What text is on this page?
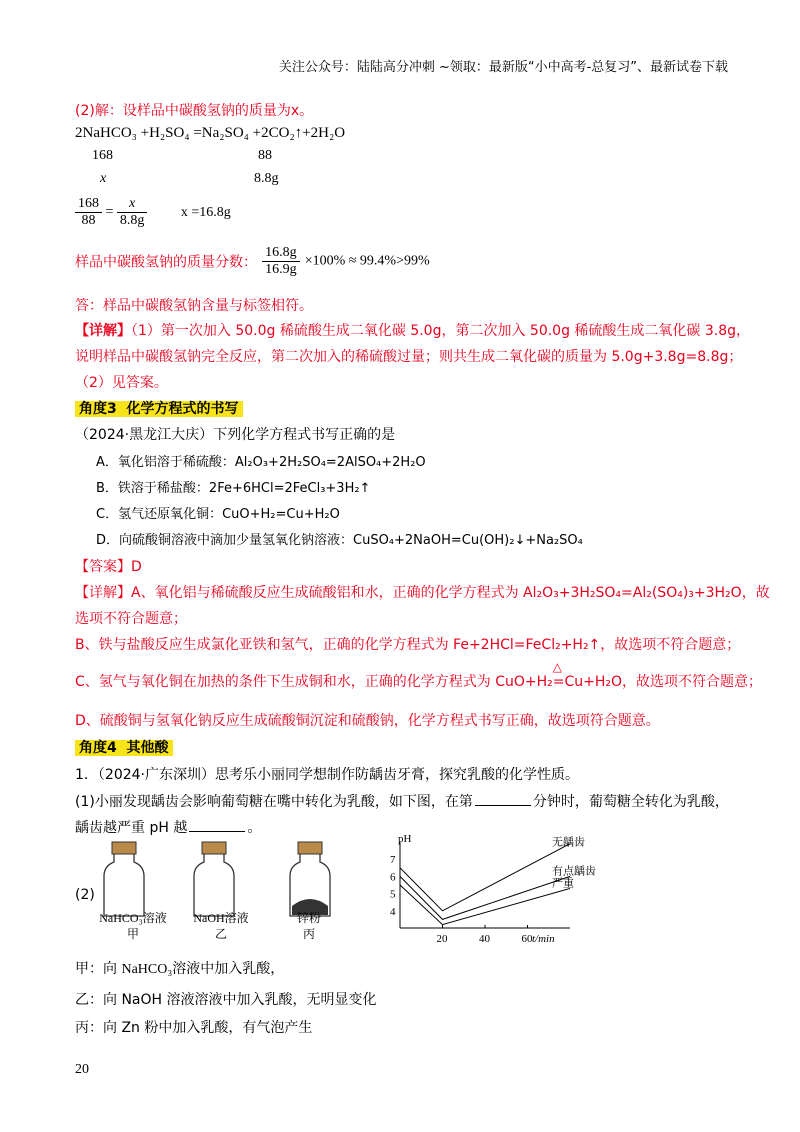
关注公众号：陆陆高分冲刺 ~领取：最新版“小中高考-总复习”、最新试卷下载
(2)解：设样品中碳酸氢钠的质量为x。
2NaHCO₃ +H₂SO₄ =Na₂SO₄ +2CO₂↑+2H₂O
168	88
x	8.8g
$\frac{168}{88} = \frac{x}{8.8g}$ x =16.8g
样品中碳酸氢钠的质量分数： $\frac{16.8g}{16.9g} \times 100\% \approx 99.4\%>99\%$
答：样品中碳酸氢钠含量与标签相符。
【详解】（1）第一次加入 50.0g 稀硫酸生成二氧化碳 5.0g，第二次加入 50.0g 稀硫酸生成二氧化碳 3.8g，
说明样品中碳酸氢钠完全反应，第二次加入的稀硫酸过量；则共生成二氧化碳的质量为 5.0g+3.8g=8.8g；
（2）见答案。
角度3 化学方程式的书写
（2024·黑龙江大庆）下列化学方程式书写正确的是
A．氧化铝溶于稀硫酸：Al₂O₃+2H₂SO₄=2AlSO₄+2H₂O
B．铁溶于稀盐酸：2Fe+6HCl=2FeCl₃+3H₂↑
C．氢气还原氧化铜：CuO+H₂=Cu+H₂O
D．向硫酸铜溶液中滴加少量氢氧化钠溶液：CuSO₄+2NaOH=Cu(OH)₂↓+Na₂SO₄
【答案】D
【详解】A、氧化铝与稀硫酸反应生成硫酸铝和水，正确的化学方程式为 Al₂O₃+3H₂SO₄=Al₂(SO₄)₃+3H₂O，故
选项不符合题意；
B、铁与盐酸反应生成氯化亚铁和氢气，正确的化学方程式为 Fe+2HCl=FeCl₂+H₂↑，故选项不符合题意；
C、氢气与氧化铜在加热的条件下生成铜和水，正确的化学方程式为 CuO+H₂
△
=Cu+H₂O，故选项不符合题意；
D、硫酸铜与氢氧化钠反应生成硫酸铜沉淀和硫酸钠，化学方程式书写正确，故选项符合题意。
角度4 其他酸
1．（2024·广东深圳）思考乐小丽同学想制作防龋齿牙膏，探究乳酸的化学性质。
(1)小丽发现龋齿会影响葡萄糖在嘴中转化为乳酸，如下图，在第	分钟时，葡萄糖全转化为乳酸，
龋齿越严重 pH 越	。
(2)
NaHCO₃溶液
甲
NaOH溶液
乙
锌粉
丙
pH
t/min
7
6
5
4
20	40	60
无龋齿
有点龋齿
严重
甲：向 NaHCO₃溶液中加入乳酸，
乙：向 NaOH 溶液溶液中加入乳酸，无明显变化
丙：向 Zn 粉中加入乳酸，有气泡产生
20
